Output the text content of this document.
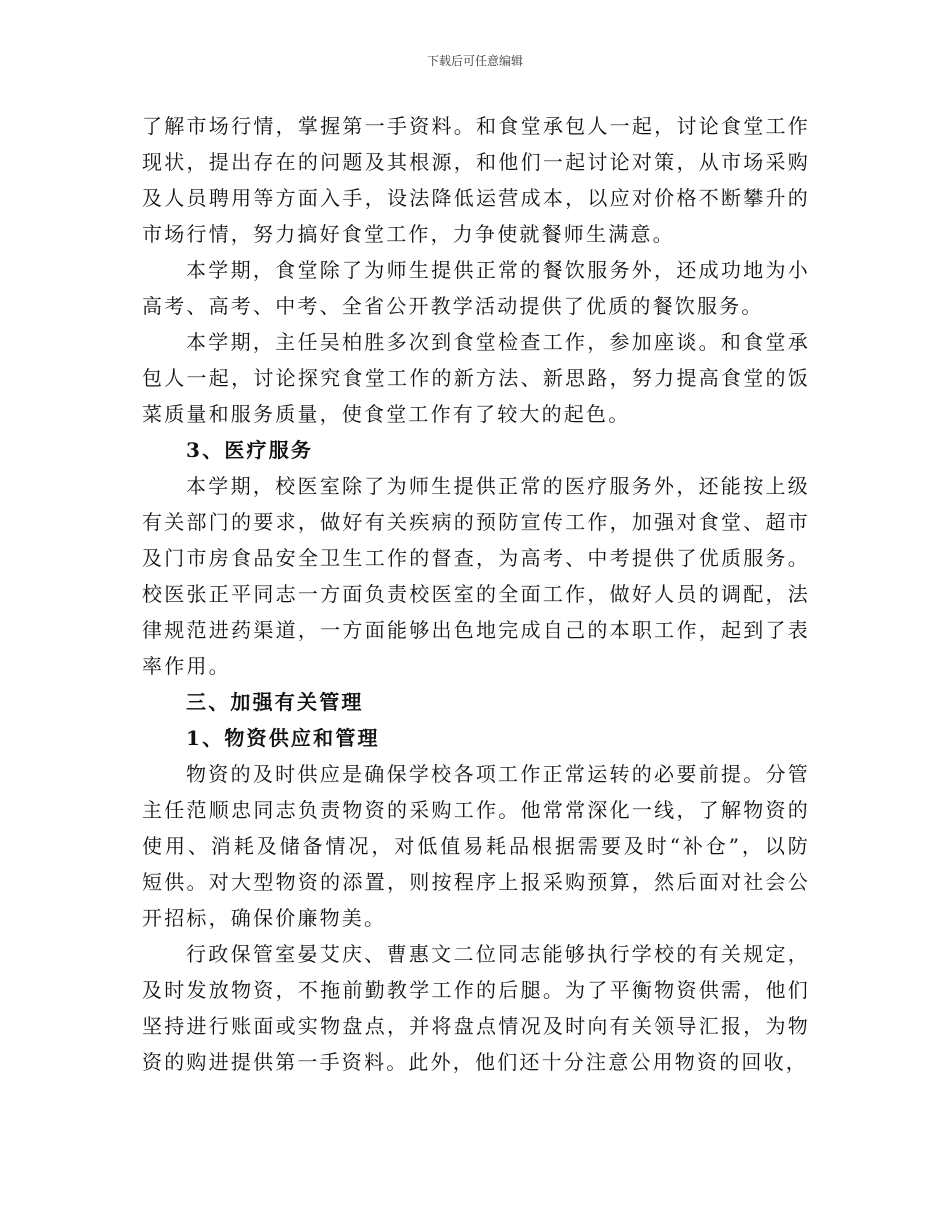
下载后可任意编辑

了解市场行情，掌握第一手资料。和食堂承包人一起，讨论食堂工作现状，提出存在的问题及其根源，和他们一起讨论对策，从市场采购及人员聘用等方面入手，设法降低运营成本，以应对价格不断攀升的市场行情，努力搞好食堂工作，力争使就餐师生满意。

本学期，食堂除了为师生提供正常的餐饮服务外，还成功地为小高考、高考、中考、全省公开教学活动提供了优质的餐饮服务。

本学期，主任吴柏胜多次到食堂检查工作，参加座谈。和食堂承包人一起，讨论探究食堂工作的新方法、新思路，努力提高食堂的饭菜质量和服务质量，使食堂工作有了较大的起色。

3、医疗服务

本学期，校医室除了为师生提供正常的医疗服务外，还能按上级有关部门的要求，做好有关疾病的预防宣传工作，加强对食堂、超市及门市房食品安全卫生工作的督查，为高考、中考提供了优质服务。校医张正平同志一方面负责校医室的全面工作，做好人员的调配，法律规范进药渠道，一方面能够出色地完成自己的本职工作，起到了表率作用。

三、加强有关管理

1、物资供应和管理

物资的及时供应是确保学校各项工作正常运转的必要前提。分管主任范顺忠同志负责物资的采购工作。他常常深化一线，了解物资的使用、消耗及储备情况，对低值易耗品根据需要及时“补仓”，以防短供。对大型物资的添置，则按程序上报采购预算，然后面对社会公开招标，确保价廉物美。

行政保管室晏艾庆、曹惠文二位同志能够执行学校的有关规定，及时发放物资，不拖前勤教学工作的后腿。为了平衡物资供需，他们坚持进行账面或实物盘点，并将盘点情况及时向有关领导汇报，为物资的购进提供第一手资料。此外，他们还十分注意公用物资的回收，
